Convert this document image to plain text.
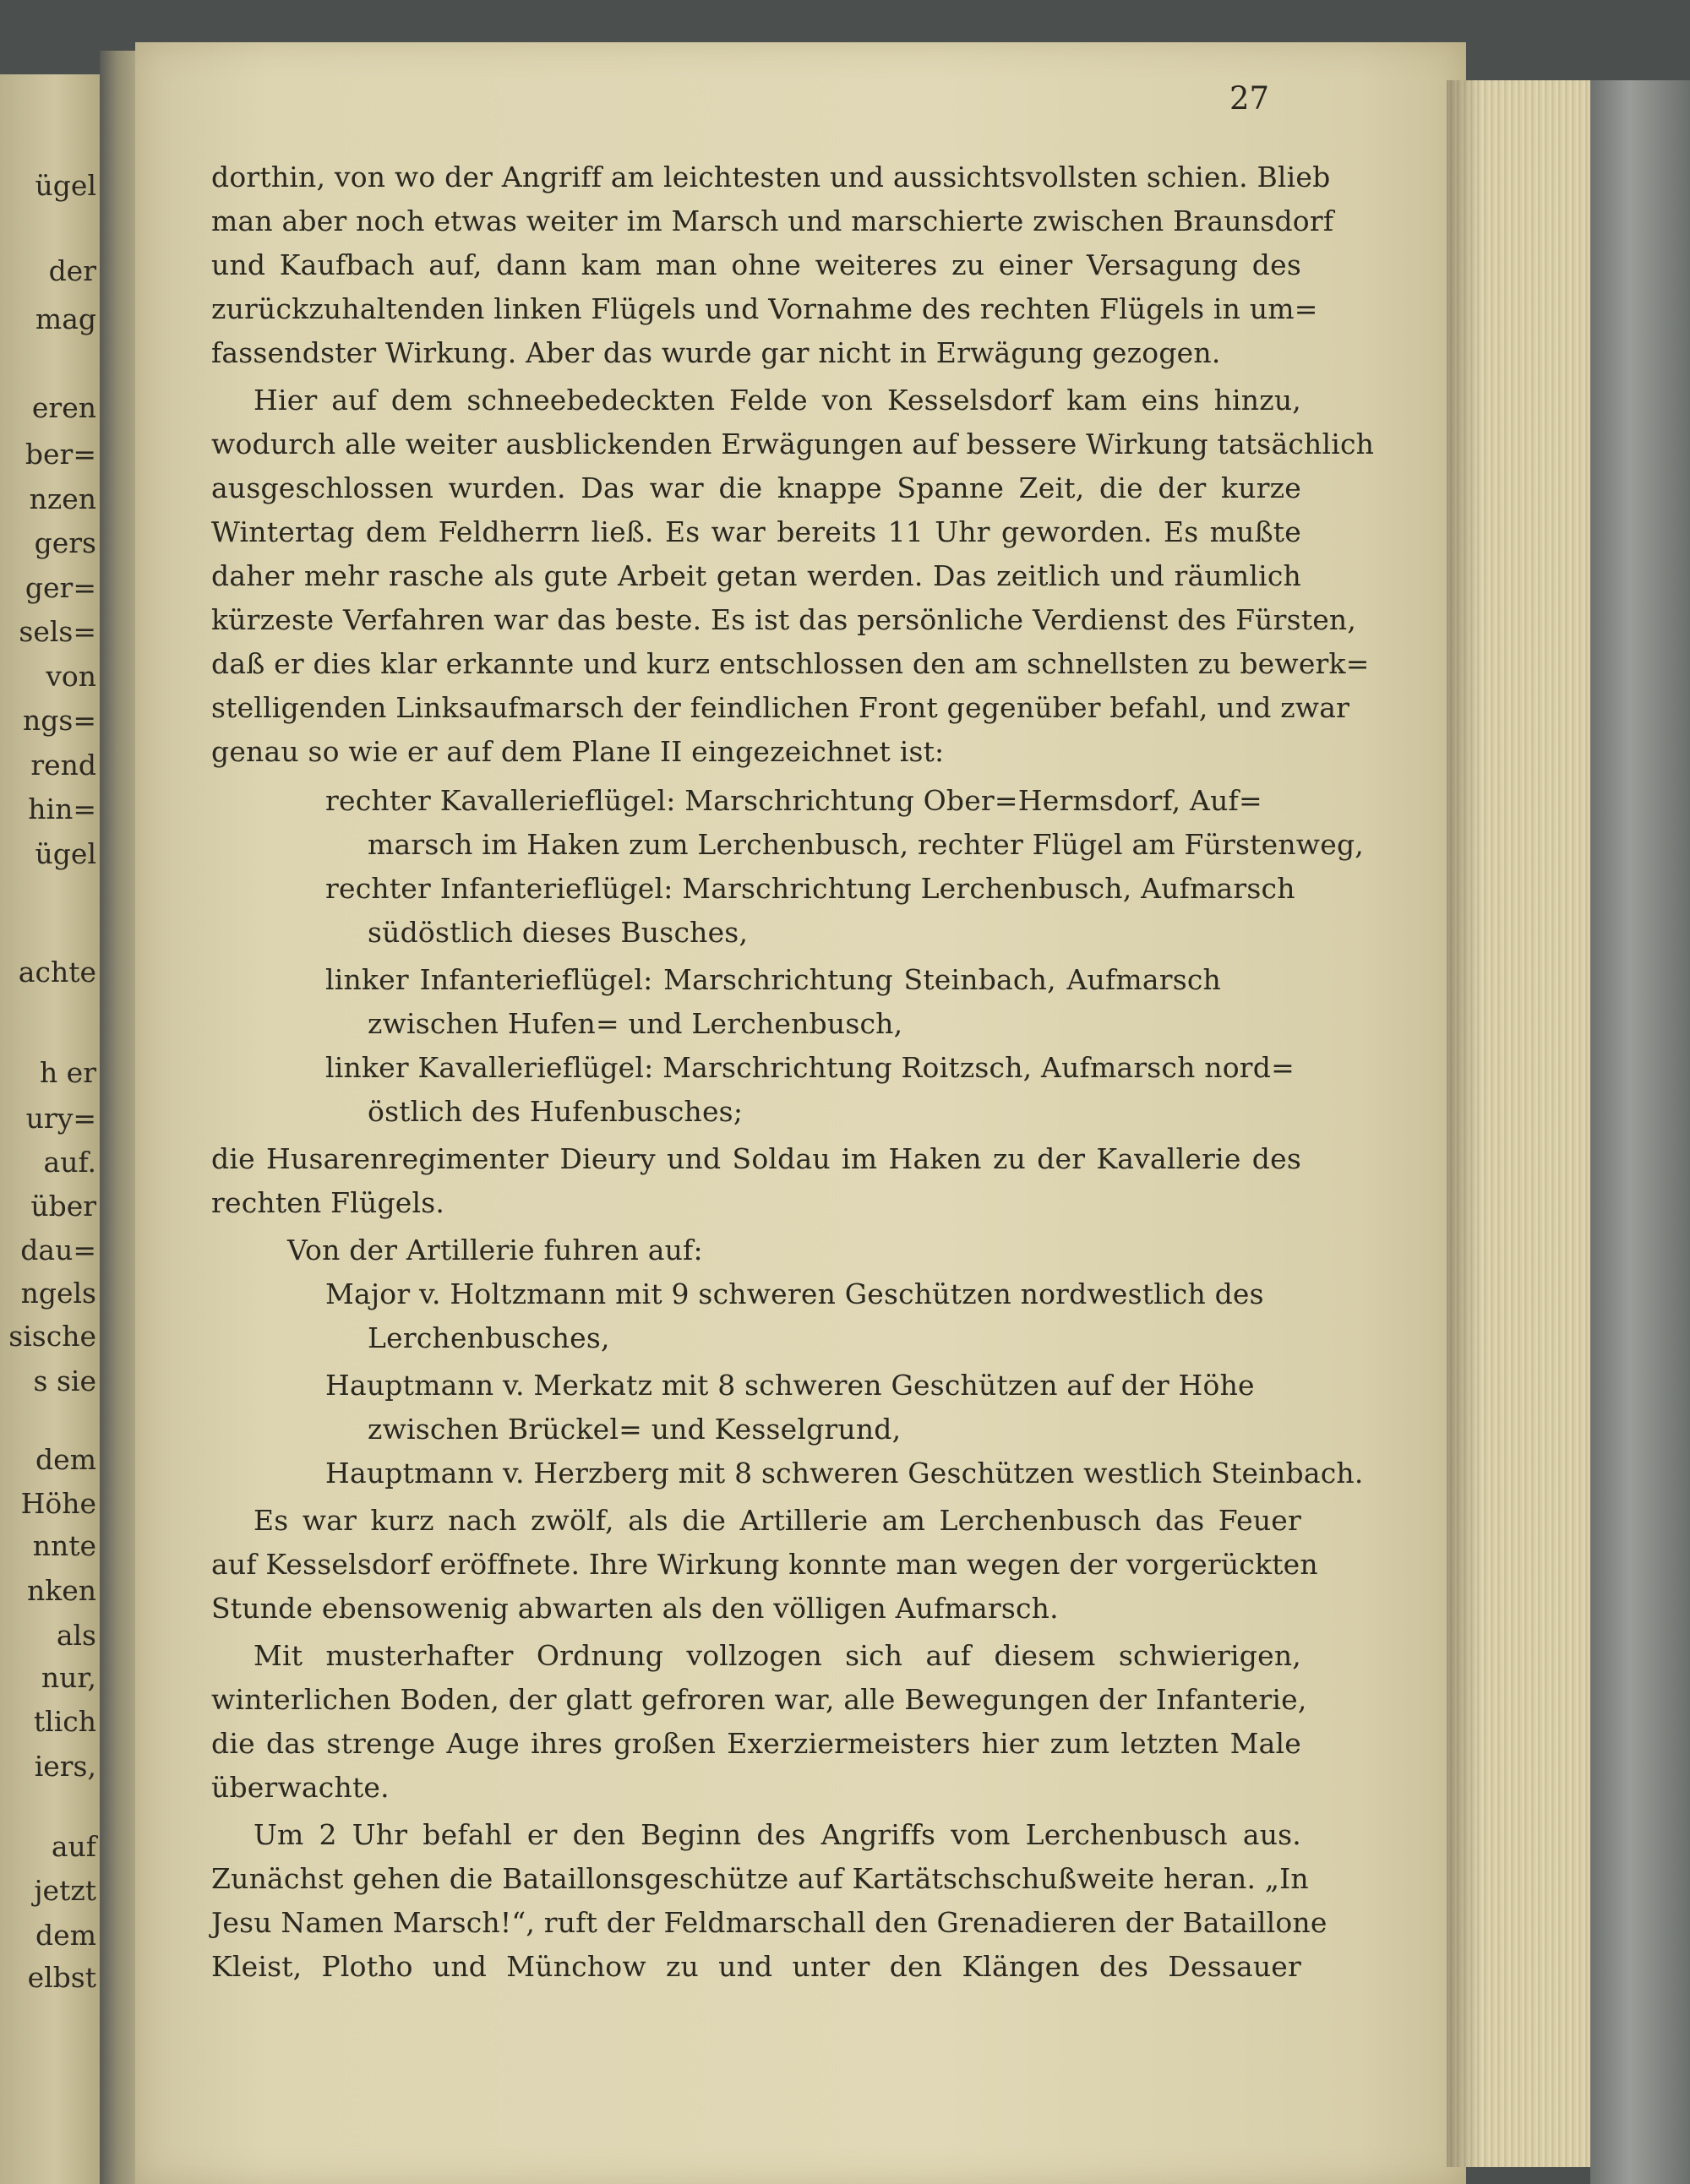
ügel
der
mag
eren
ber=
nzen
gers
ger=
sels=
von
ngs=
rend
hin=
ügel
achte
h er
ury=
auf.
über
dau=
ngels
sische
s sie
dem
Höhe
nnte
nken
als
nur,
tlich
iers,
auf
jetzt
dem
elbst
27
dorthin, von wo der Angriff am leichtesten und aussichtsvollsten schien. Blieb
man aber noch etwas weiter im Marsch und marschierte zwischen Braunsdorf
und Kaufbach auf, dann kam man ohne weiteres zu einer Versagung des
zurückzuhaltenden linken Flügels und Vornahme des rechten Flügels in um=
fassendster Wirkung. Aber das wurde gar nicht in Erwägung gezogen.
Hier auf dem schneebedeckten Felde von Kesselsdorf kam eins hinzu,
wodurch alle weiter ausblickenden Erwägungen auf bessere Wirkung tatsächlich
ausgeschlossen wurden. Das war die knappe Spanne Zeit, die der kurze
Wintertag dem Feldherrn ließ. Es war bereits 11 Uhr geworden. Es mußte
daher mehr rasche als gute Arbeit getan werden. Das zeitlich und räumlich
kürzeste Verfahren war das beste. Es ist das persönliche Verdienst des Fürsten,
daß er dies klar erkannte und kurz entschlossen den am schnellsten zu bewerk=
stelligenden Linksaufmarsch der feindlichen Front gegenüber befahl, und zwar
genau so wie er auf dem Plane II eingezeichnet ist:
rechter Kavallerieflügel: Marschrichtung Ober=Hermsdorf, Auf=
marsch im Haken zum Lerchenbusch, rechter Flügel am Fürstenweg,
rechter Infanterieflügel: Marschrichtung Lerchenbusch, Aufmarsch
südöstlich dieses Busches,
linker Infanterieflügel: Marschrichtung Steinbach, Aufmarsch
zwischen Hufen= und Lerchenbusch,
linker Kavallerieflügel: Marschrichtung Roitzsch, Aufmarsch nord=
östlich des Hufenbusches;
die Husarenregimenter Dieury und Soldau im Haken zu der Kavallerie des
rechten Flügels.
Von der Artillerie fuhren auf:
Major v. Holtzmann mit 9 schweren Geschützen nordwestlich des
Lerchenbusches,
Hauptmann v. Merkatz mit 8 schweren Geschützen auf der Höhe
zwischen Brückel= und Kesselgrund,
Hauptmann v. Herzberg mit 8 schweren Geschützen westlich Steinbach.
Es war kurz nach zwölf, als die Artillerie am Lerchenbusch das Feuer
auf Kesselsdorf eröffnete. Ihre Wirkung konnte man wegen der vorgerückten
Stunde ebensowenig abwarten als den völligen Aufmarsch.
Mit musterhafter Ordnung vollzogen sich auf diesem schwierigen,
winterlichen Boden, der glatt gefroren war, alle Bewegungen der Infanterie,
die das strenge Auge ihres großen Exerziermeisters hier zum letzten Male
überwachte.
Um 2 Uhr befahl er den Beginn des Angriffs vom Lerchenbusch aus.
Zunächst gehen die Bataillonsgeschütze auf Kartätschschußweite heran. „In
Jesu Namen Marsch!“, ruft der Feldmarschall den Grenadieren der Bataillone
Kleist, Plotho und Münchow zu und unter den Klängen des Dessauer
